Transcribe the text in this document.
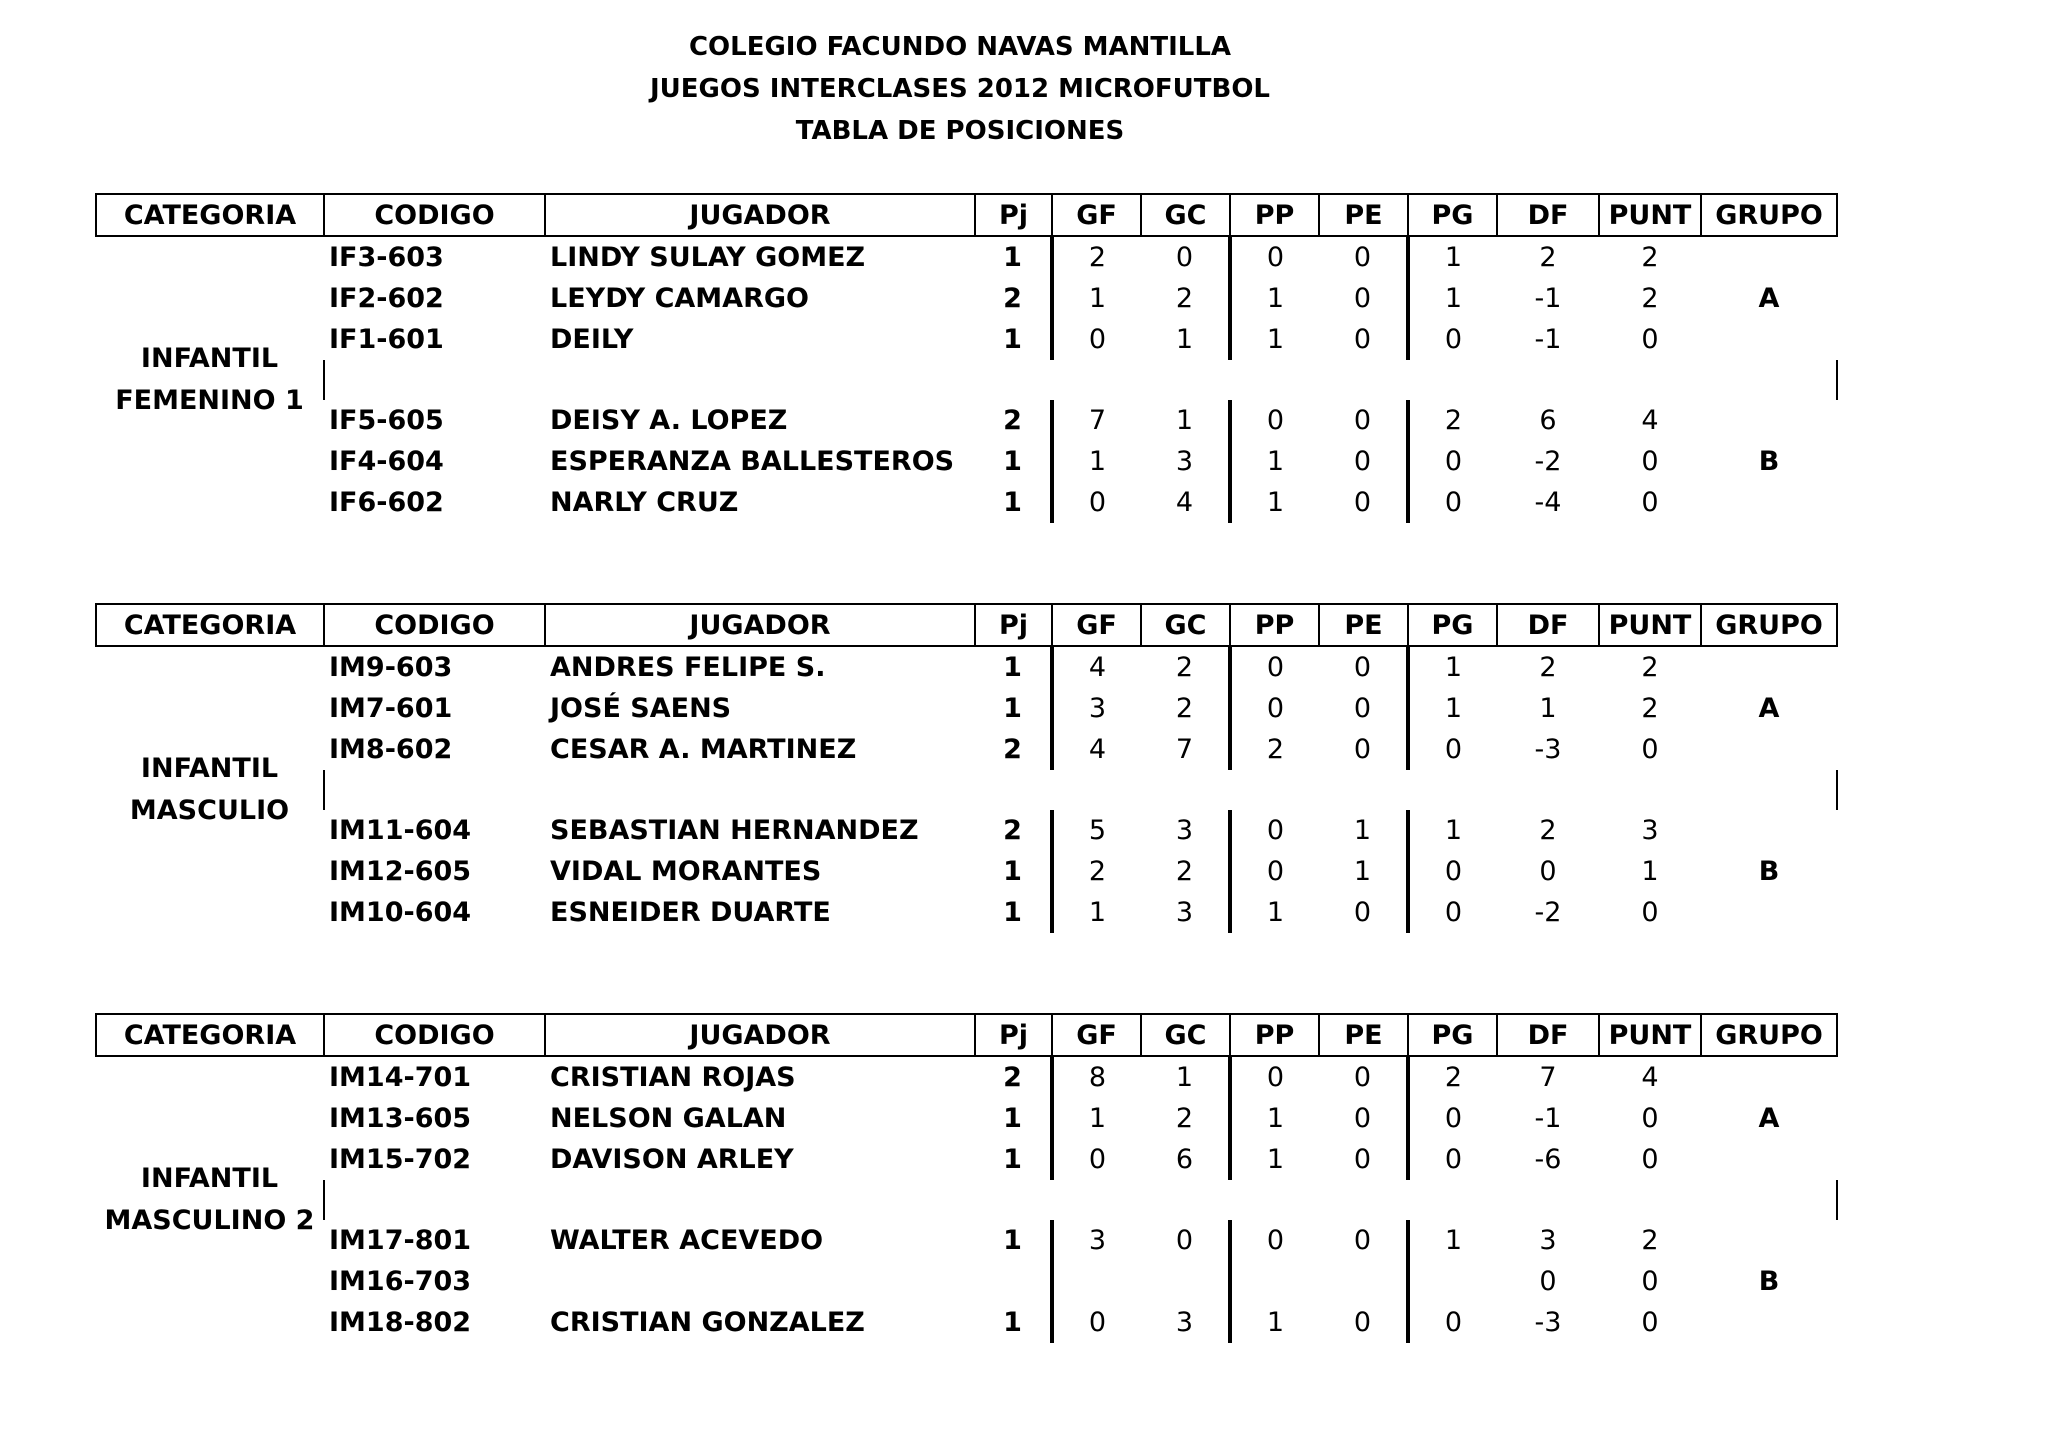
COLEGIO FACUNDO NAVAS MANTILLA
JUEGOS INTERCLASES 2012 MICROFUTBOL
TABLA DE POSICIONES
CATEGORIA	CODIGO	JUGADOR	Pj	GF	GC	PP	PE	PG	DF	PUNT	GRUPO

INFANTIL
FEMENINO 1	IF3-603	LINDY SULAY GOMEZ	1	2	0	0	0	1	2	2	A
	IF2-602	LEYDY CAMARGO	2	1	2	1	0	1	-1	2	
	IF1-601	DEILY	1	0	1	1	0	0	-1	0	

	IF5-605	DEISY A. LOPEZ	2	7	1	0	0	2	6	4	B
	IF4-604	ESPERANZA BALLESTEROS	1	1	3	1	0	0	-2	0	
	IF6-602	NARLY CRUZ	1	0	4	1	0	0	-4	0	
CATEGORIA	CODIGO	JUGADOR	Pj	GF	GC	PP	PE	PG	DF	PUNT	GRUPO

INFANTIL
MASCULIO	IM9-603	ANDRES FELIPE S.	1	4	2	0	0	1	2	2	A
	IM7-601	JOSÉ SAENS	1	3	2	0	0	1	1	2	
	IM8-602	CESAR A. MARTINEZ	2	4	7	2	0	0	-3	0	

	IM11-604	SEBASTIAN HERNANDEZ	2	5	3	0	1	1	2	3	B
	IM12-605	VIDAL MORANTES	1	2	2	0	1	0	0	1	
	IM10-604	ESNEIDER DUARTE	1	1	3	1	0	0	-2	0	
CATEGORIA	CODIGO	JUGADOR	Pj	GF	GC	PP	PE	PG	DF	PUNT	GRUPO

INFANTIL
MASCULINO 2	IM14-701	CRISTIAN ROJAS	2	8	1	0	0	2	7	4	A
	IM13-605	NELSON GALAN	1	1	2	1	0	0	-1	0	
	IM15-702	DAVISON ARLEY	1	0	6	1	0	0	-6	0	

	IM17-801	WALTER ACEVEDO	1	3	0	0	0	1	3	2	B
	IM16-703								0	0	
	IM18-802	CRISTIAN GONZALEZ	1	0	3	1	0	0	-3	0	
